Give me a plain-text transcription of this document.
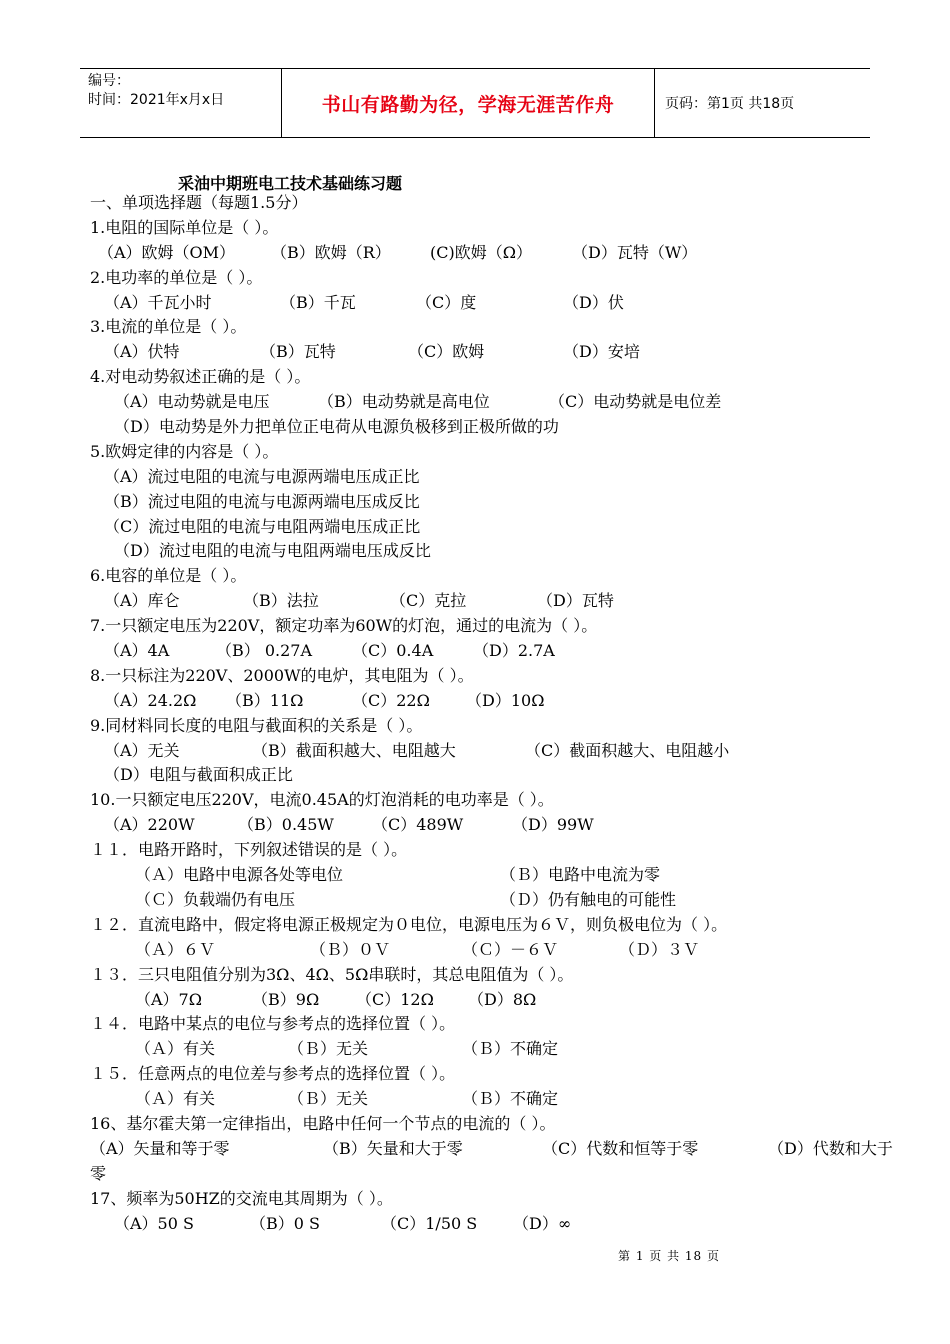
编号：
时间：2021年x月x日	书山有路勤为径，学海无涯苦作舟	页码：第1页 共18页
采油中期班电工技术基础练习题
一、单项选择题（每题1.5分）
1.电阻的国际单位是（ ）。
（A）欧姆（OM） （B）欧姆（R） (C)欧姆（Ω）	（D）瓦特（W）
2.电功率的单位是（ ）。
（A）千瓦小时	（B）千瓦	（C）度	（D）伏
3.电流的单位是（ ）。
（A）伏特	（B）瓦特	（C）欧姆	（D）安培
4.对电动势叙述正确的是（ ）。
（A）电动势就是电压	（B）电动势就是高电位	（C）电动势就是电位差
（D）电动势是外力把单位正电荷从电源负极移到正极所做的功
5.欧姆定律的内容是（ ）。
（A）流过电阻的电流与电源两端电压成正比
（B）流过电阻的电流与电源两端电压成反比
（C）流过电阻的电流与电阻两端电压成正比
（D）流过电阻的电流与电阻两端电压成反比
6.电容的单位是（ ）。
（A）库仑	（B）法拉	（C）克拉	（D）瓦特
7.一只额定电压为220V，额定功率为60W的灯泡，通过的电流为（ ）。
（A）4A	（B） 0.27A （C）0.4A （D）2.7A
8.一只标注为220V、2000W的电炉，其电阻为（ ）。
（A）24.2Ω （B）11Ω	（C）22Ω （D）10Ω
9.同材料同长度的电阻与截面积的关系是（ ）。
（A）无关	（B）截面积越大、电阻越大	（C）截面积越大、电阻越小
（D）电阻与截面积成正比
10.一只额定电压220V，电流0.45A的灯泡消耗的电功率是（ ）。
（A）220W	（B）0.45W （C）489W	（D）99W
１１．电路开路时，下列叙述错误的是（ ）。
（Ａ）电路中电源各处等电位	（Ｂ）电路中电流为零
（Ｃ）负载端仍有电压	（Ｄ）仍有触电的可能性
１２．直流电路中，假定将电源正极规定为０电位，电源电压为６Ｖ，则负极电位为（ ）。
（Ａ）６Ｖ	（Ｂ）０Ｖ	（Ｃ）－６Ｖ	（Ｄ）３Ｖ
１３．三只电阻值分别为3Ω、4Ω、5Ω串联时，其总电阻值为（ ）。
（A）7Ω	（B）9Ω （C）12Ω （D）8Ω
１４．电路中某点的电位与参考点的选择位置（ ）。
（Ａ）有关	（Ｂ）无关	（Ｂ）不确定
１５．任意两点的电位差与参考点的选择位置（ ）。
（Ａ）有关	（Ｂ）无关	（Ｂ）不确定
16、基尔霍夫第一定律指出，电路中任何一个节点的电流的（ ）。
（A）矢量和等于零	（B）矢量和大于零	（C）代数和恒等于零	（D）代数和大于
零
17、频率为50HZ的交流电其周期为（ ）。
（A）50 S	（B）0 S	（C）1/50 S （D）∞
第 1 页 共 18 页
